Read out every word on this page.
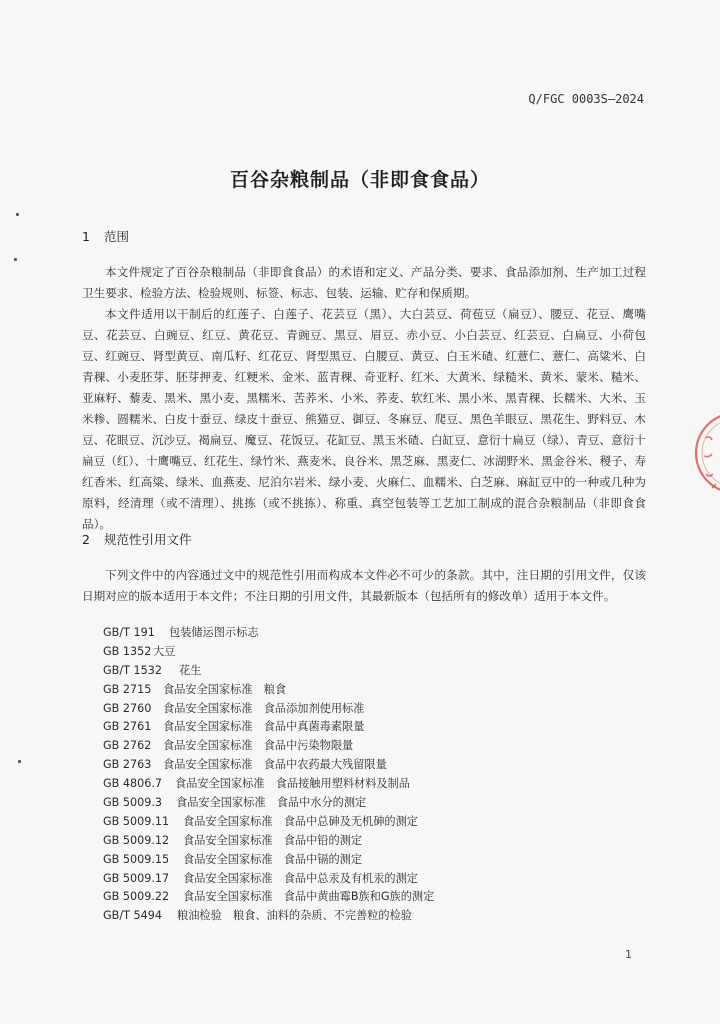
Q/FGC 0003S—2024
百谷杂粮制品（非即食食品）
1 范围

本文件规定了百谷杂粮制品（非即食食品）的术语和定义、产品分类、要求、食品添加剂、生产加工过程卫生要求、检验方法、检验规则、标签、标志、包装、运输、贮存和保质期。

本文件适用以干制后的红莲子、白莲子、花芸豆（黑）、大白芸豆、荷苞豆（扁豆）、腰豆、花豆、鹰嘴豆、花芸豆、白豌豆、红豆、黄花豆、青豌豆、黑豆、眉豆、赤小豆、小白芸豆、红芸豆、白扁豆、小荷包豆、红豌豆、肾型黄豆、南瓜籽、红花豆、肾型黑豆、白腰豆、黄豆、白玉米碴、红薏仁、薏仁、高粱米、白青稞、小麦胚芽、胚芽押麦、红粳米、金米、蓝青稞、奇亚籽、红米、大黄米、绿糙米、黄米、蒙米、糙米、亚麻籽、藜麦、黑米、黑小麦、黑糯米、苦荞米、小米、荞麦、软红米、黑小米、黑青稞、长糯米、大米、玉米糁、圆糯米、白皮十蚕豆、绿皮十蚕豆、熊猫豆、御豆、冬麻豆、爬豆、黑色羊眼豆、黑花生、野料豆、木豆、花眼豆、沉沙豆、褐扁豆、魔豆、花饭豆、花缸豆、黑玉米碴、白缸豆、意衍十扁豆（绿）、青豆、意衍十扁豆（红）、十鹰嘴豆、红花生、绿竹米、燕麦米、良谷米、黑芝麻、黑麦仁、冰湖野米、黑金谷米、稯子、寿红香米、红高粱、绿米、血燕麦、尼泊尔岩米、绿小麦、火麻仁、血糯米、白芝麻、麻缸豆中的一种或几种为原料，经清理（或不清理）、挑拣（或不挑拣）、称重、真空包装等工艺加工制成的混合杂粮制品（非即食食品）。

2 规范性引用文件

下列文件中的内容通过文中的规范性引用而构成本文件必不可少的条款。其中，注日期的引用文件，仅该日期对应的版本适用于本文件；不注日期的引用文件，其最新版本（包括所有的修改单）适用于本文件。

GB/T 191 包装储运图示标志
GB 1352 大豆
GB/T 1532 花生
GB 2715 食品安全国家标准　粮食
GB 2760 食品安全国家标准　食品添加剂使用标准
GB 2761 食品安全国家标准　食品中真菌毒素限量
GB 2762 食品安全国家标准　食品中污染物限量
GB 2763 食品安全国家标准　食品中农药最大残留限量
GB 4806.7 食品安全国家标准　食品接触用塑料材料及制品
GB 5009.3 食品安全国家标准　食品中水分的测定
GB 5009.11 食品安全国家标准　食品中总砷及无机砷的测定
GB 5009.12 食品安全国家标准　食品中铅的测定
GB 5009.15 食品安全国家标准　食品中镉的测定
GB 5009.17 食品安全国家标准　食品中总汞及有机汞的测定
GB 5009.22 食品安全国家标准　食品中黄曲霉B族和G族的测定
GB/T 5494 粮油检验　粮食、油料的杂质、不完善粒的检验
1
